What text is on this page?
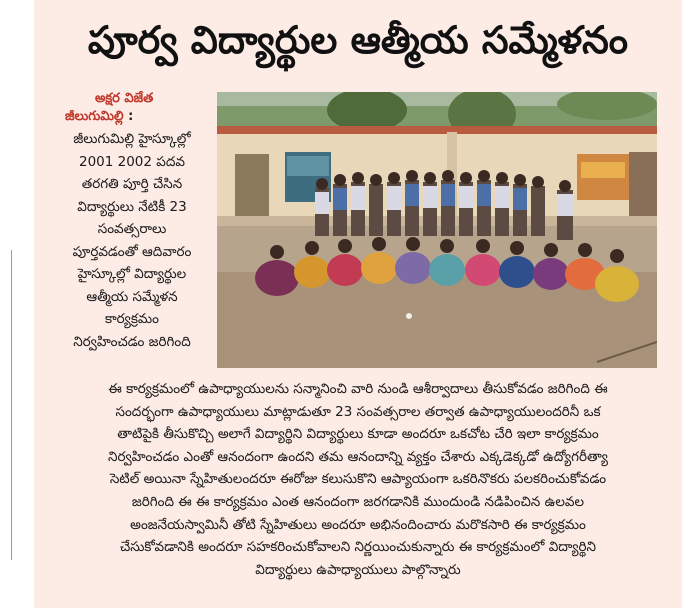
పూర్వ విద్యార్థుల ఆత్మీయ సమ్మేళనం
అక్షర విజేత
జీలుగుమిల్లి :
జీలుగుమిల్లి హైస్కూల్లో
2001 2002 పదవ
తరగతి పూర్తి చేసిన
విద్యార్థులు నేటికీ 23
సంవత్సరాలు
పూర్తవడంతో ఆదివారం
హైస్కూల్లో విద్యార్థుల
ఆత్మీయ సమ్మేళన
కార్యక్రమం
నిర్వహించడం జరిగింది
ఈ కార్యక్రమంలో ఉపాధ్యాయులను సన్మానించి వారి నుండి ఆశీర్వాదాలు తీసుకోవడం జరిగింది ఈ
సందర్భంగా ఉపాధ్యాయులు మాట్లాడుతూ 23 సంవత్సరాల తర్వాత ఉపాధ్యాయులందరినీ ఒక
తాటిపైకి తీసుకొచ్చి అలాగే విద్యార్థిని విద్యార్థులు కూడా అందరూ ఒకచోట చేరి ఇలా కార్యక్రమం
నిర్వహించడం ఎంతో ఆనందంగా ఉందని తమ ఆనందాన్ని వ్యక్తం చేశారు ఎక్కడెక్కడో ఉద్యోగరీత్యా
సెటిల్ అయినా స్నేహితులందరూ ఈరోజు కలుసుకొని ఆప్యాయంగా ఒకరినొకరు పలకరించుకోవడం
జరిగింది ఈ ఈ కార్యక్రమం ఎంత ఆనందంగా జరగడానికి ముందుండి నడిపించిన ఉలవల
అంజనేయస్వామినీ తోటి స్నేహితులు అందరూ అభినందించారు మరొకసారి ఈ కార్యక్రమం
చేసుకోవడానికి అందరూ సహకరించుకోవాలని నిర్ణయించుకున్నారు ఈ కార్యక్రమంలో విద్యార్థిని
విద్యార్థులు ఉపాధ్యాయులు పాల్గొన్నారు
